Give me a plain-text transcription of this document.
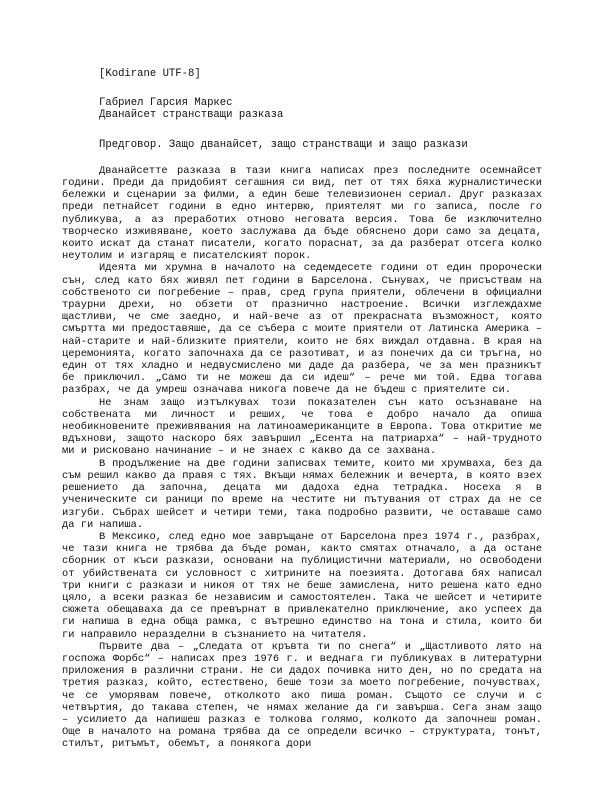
[Kodirane UTF-8]
Габриел Гарсия Маркес
Дванайсет странстващи разказа
Предговор. Защо дванайсет, защо странстващи и защо разкази

Дванайсетте разказа в тази книга написах през последните осемнайсет години. Преди да придобият сегашния си вид, пет от тях бяха журналистически бележки и сценарии за филми, а един беше телевизионен сериал. Друг разказах преди петнайсет години в едно интервю, приятелят ми го записа, после го публикува, а аз преработих отново неговата версия. Това бе изключително творческо изживяване, което заслужава да бъде обяснено дори само за децата, които искат да станат писатели, когато пораснат, за да разберат отсега колко неутолим и изгарящ е писателският порок.

Идеята ми хрумна в началото на седемдесете години от един пророчески сън, след като бях живял пет години в Барселона. Сънувах, че присъствам на собственото си погребение – прав, сред група приятели, облечени в официални траурни дрехи, но обзети от празнично настроение. Всички изглеждахме щастливи, че сме заедно, и най-вече аз от прекрасната възможност, която смъртта ми предоставяше, да се събера с моите приятели от Латинска Америка – най-старите и най-близките приятели, които не бях виждал отдавна. В края на церемонията, когато започнаха да се разотиват, и аз понечих да си тръгна, но един от тях хладно и недвусмислено ми даде да разбера, че за мен празникът бе приключил. „Само ти не можеш да си идеш“ – рече ми той. Едва тогава разбрах, че да умреш означава никога повече да не бъдеш с приятелите си.

Не знам защо изтълкувах този показателен сън като осъзнаване на собствената ми личност и реших, че това е добро начало да опиша необикновените преживявания на латиноамериканците в Европа. Това откритие ме вдъхнови, защото наскоро бях завършил „Есента на патриарха“ – най-трудното ми и рисковано начинание – и не знаех с какво да се захвана.

В продължение на две години записвах темите, които ми хрумваха, без да съм решил какво да правя с тях. Вкъщи нямах бележник и вечерта, в която взех решението да започна, децата ми дадоха една тетрадка. Носеха я в ученическите си раници по време на честите ни пътувания от страх да не се изгуби. Събрах шейсет и четири теми, така подробно развити, че оставаше само да ги напиша.

В Мексико, след едно мое завръщане от Барселона през 1974 г., разбрах, че тази книга не трябва да бъде роман, както смятах отначало, а да остане сборник от къси разкази, основани на публицистични материали, но освободени от убийствената си условност с хитрините на поезията. Дотогава бях написал три книги с разкази и никоя от тях не беше замислена, нито решена като едно цяло, а всеки разказ бе независим и самостоятелен. Така че шейсет и четирите сюжета обещаваха да се превърнат в привлекателно приключение, ако успеех да ги напиша в една обща рамка, с вътрешно единство на тона и стила, които би ги направило неразделни в съзнанието на читателя.

Първите два – „Следата от кръвта ти по снега“ и „Щастливото лято на госпожа Форбс“ – написах през 1976 г. и веднага ги публикувах в литературни приложения в различни страни. Не си дадох почивка нито ден, но по средата на третия разказ, който, естествено, беше този за моето погребение, почувствах, че се уморявам повече, отколкото ако пиша роман. Същото се случи и с четвъртия, до такава степен, че нямах желание да ги завърша. Сега знам защо – усилието да напишеш разказ е толкова голямо, колкото да започнеш роман. Още в началото на романа трябва да се определи всичко – структурата, тонът, стилът, ритъмът, обемът, а понякога дори
